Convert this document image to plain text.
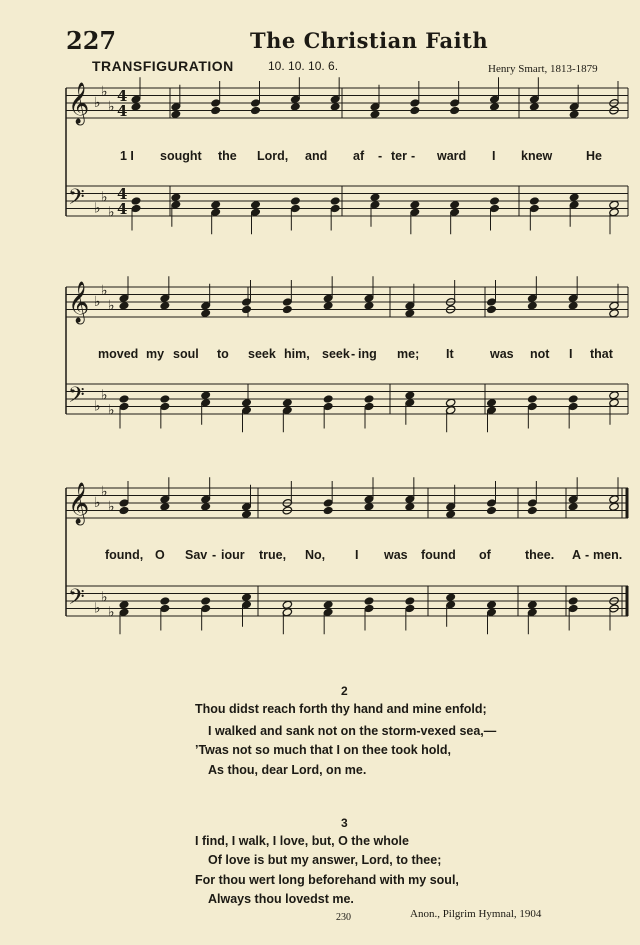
227	The Christian Faith
TRANSFIGURATION	10. 10. 10. 6.	Henry Smart, 1813-1879
𝄞 ♭
♭
♭
4
4
𝄢 ♭
♭
♭
4
4
𝄞 ♭
♭
♭
𝄢 ♭
♭
♭
𝄞 ♭
♭
♭
𝄢 ♭
♭
♭
1 I sought the Lord, and af - ter - ward I knew	He
moved my soul to seek him, seek - ing me; It	was not I that
found, O Sav - iour true, No, I was found of	thee. A - men.
2
Thou didst reach forth thy hand and mine enfold;
I walked and sank not on the storm-vexed sea,—
’Twas not so much that I on thee took hold,
As thou, dear Lord, on me.
3
I find, I walk, I love, but, O the whole
Of love is but my answer, Lord, to thee;
For thou wert long beforehand with my soul,
Always thou lovedst me.
230	Anon., Pilgrim Hymnal, 1904
